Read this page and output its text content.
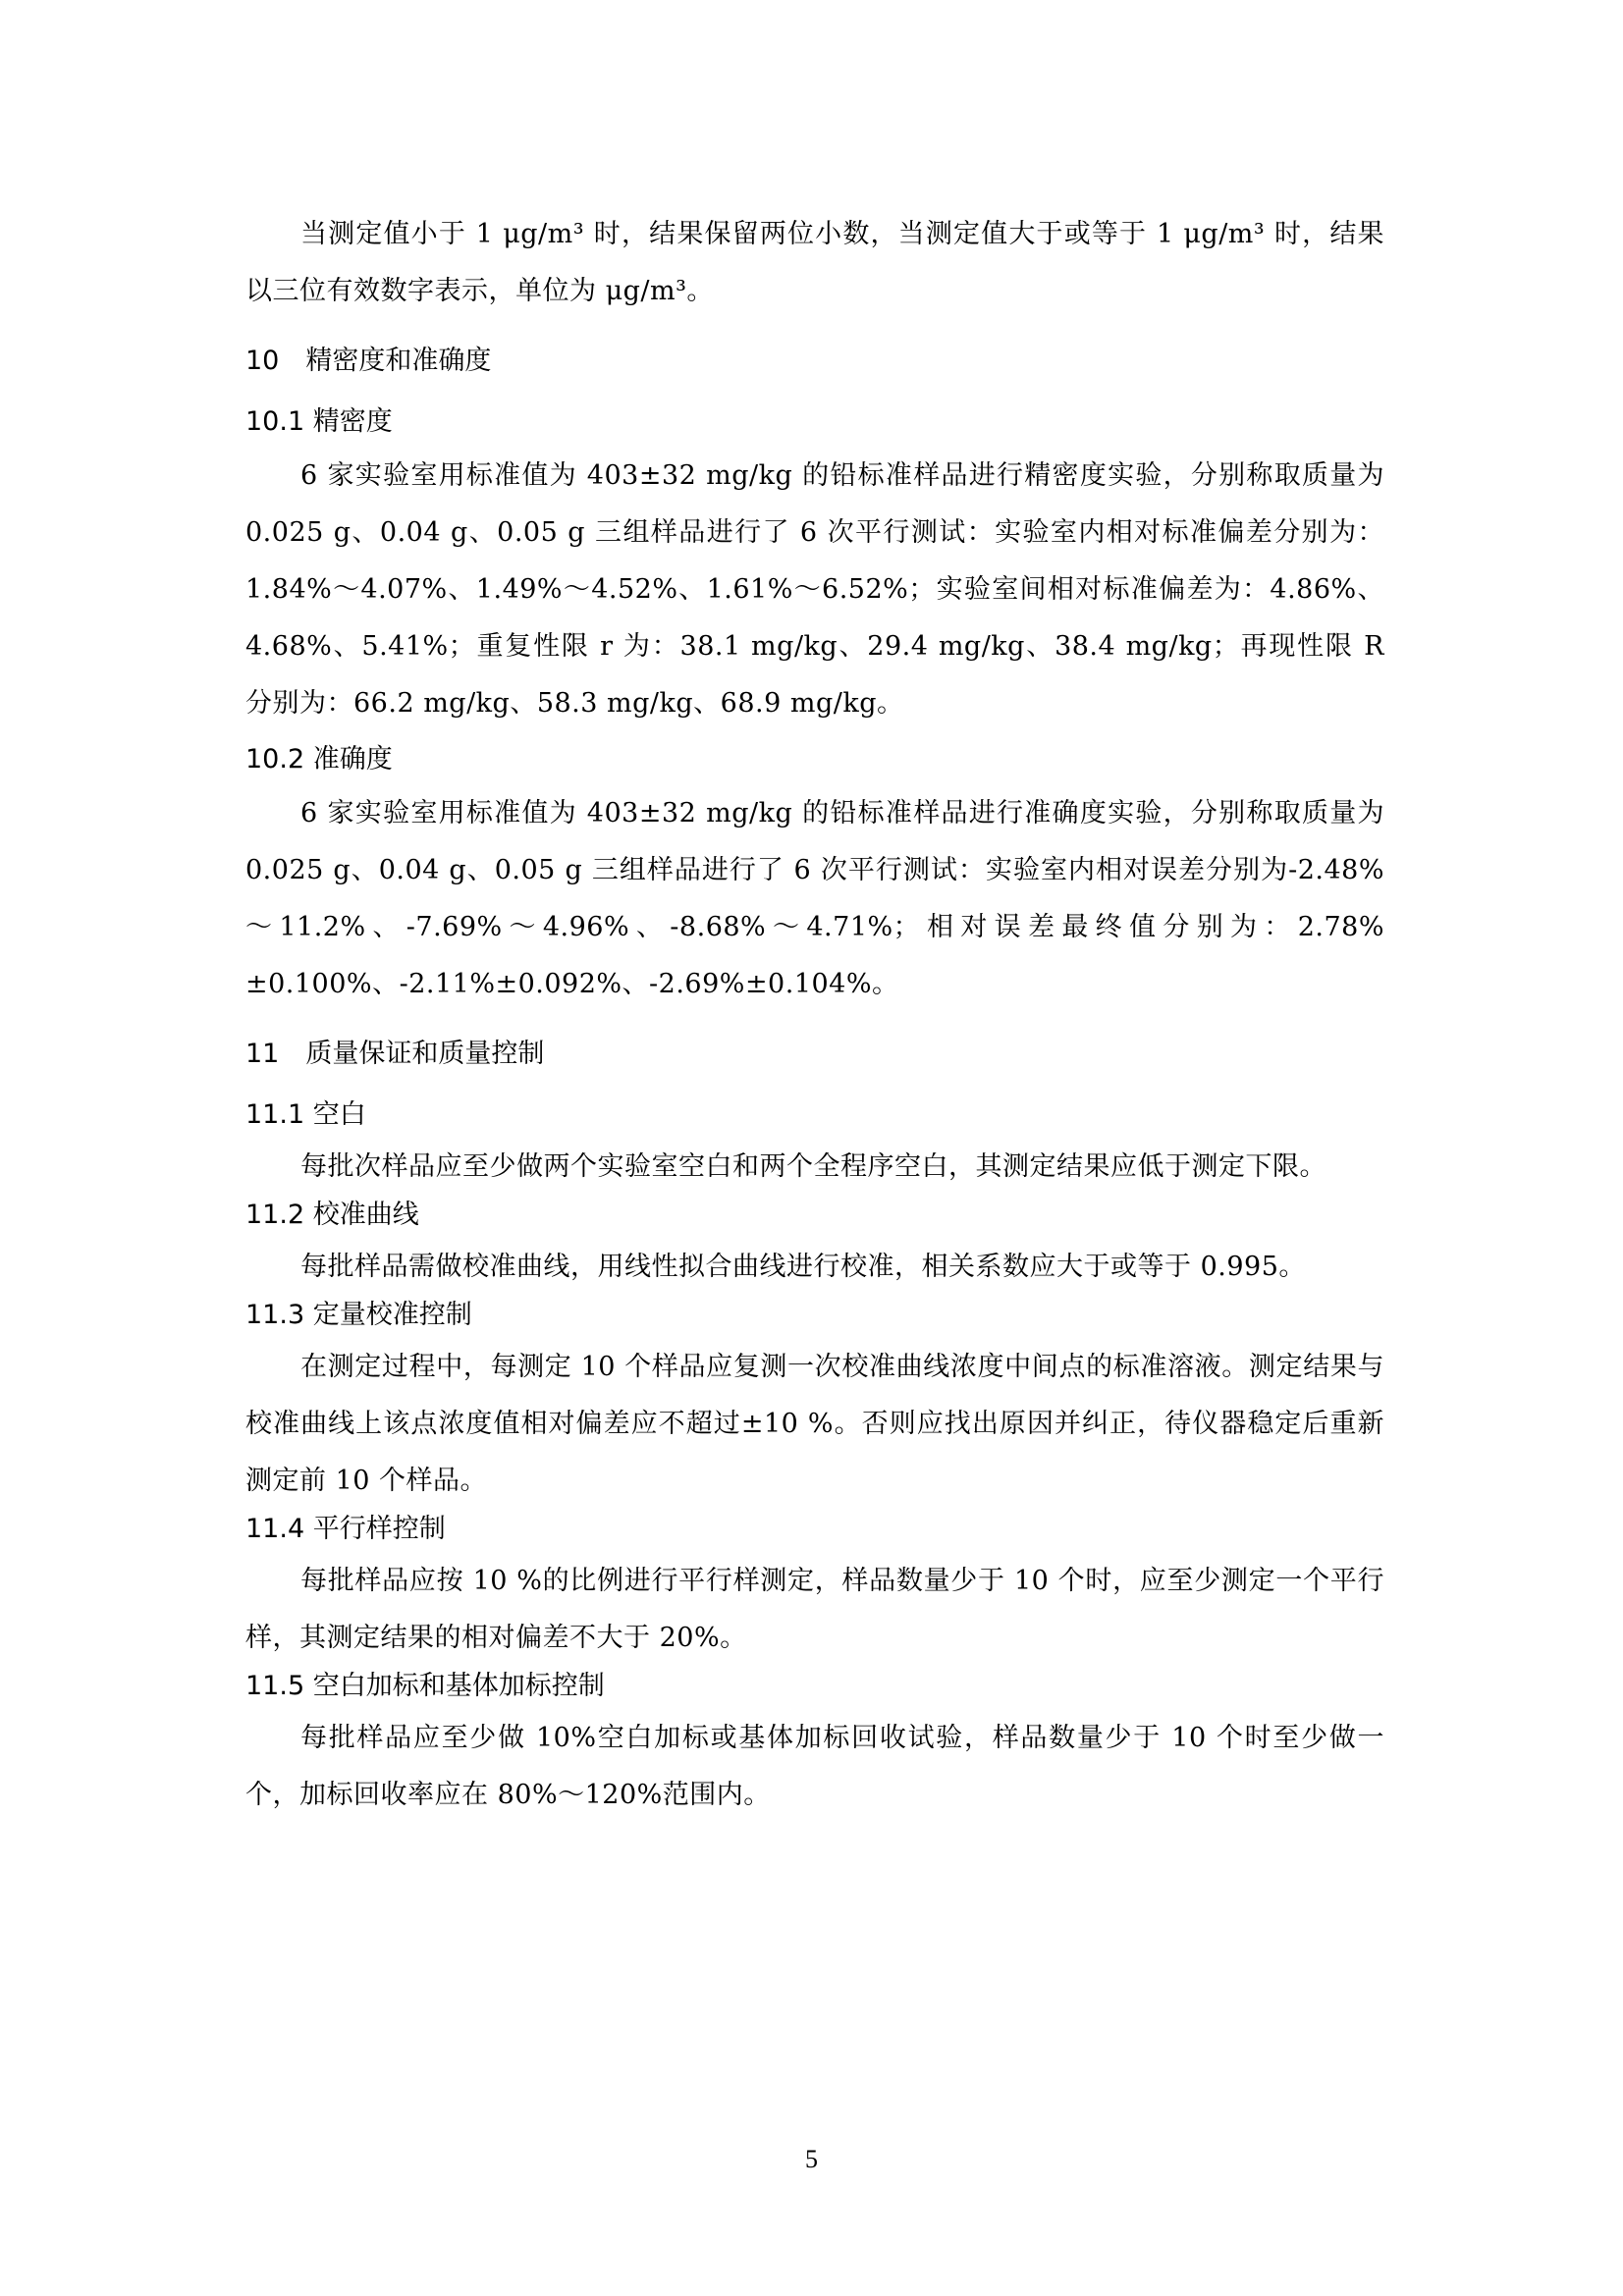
当测定值小于 1 μg/m³ 时，结果保留两位小数，当测定值大于或等于 1 μg/m³ 时，结果以三位有效数字表示，单位为 μg/m³。

10　精密度和准确度

10.1 精密度

6 家实验室用标准值为 403±32 mg/kg 的铅标准样品进行精密度实验，分别称取质量为 0.025 g、0.04 g、0.05 g 三组样品进行了 6 次平行测试：实验室内相对标准偏差分别为：1.84%～4.07%、1.49%～4.52%、1.61%～6.52%；实验室间相对标准偏差为：4.86%、4.68%、5.41%；重复性限 r 为：38.1 mg/kg、29.4 mg/kg、38.4 mg/kg；再现性限 R 分别为：66.2 mg/kg、58.3 mg/kg、68.9 mg/kg。

10.2 准确度

6 家实验室用标准值为 403±32 mg/kg 的铅标准样品进行准确度实验，分别称取质量为 0.025 g、0.04 g、0.05 g 三组样品进行了 6 次平行测试：实验室内相对误差分别为-2.48%～11.2%、-7.69%～4.96%、-8.68%～4.71%；相对误差最终值分别为：2.78%±0.100%、-2.11%±0.092%、-2.69%±0.104%。

11　质量保证和质量控制

11.1 空白

每批次样品应至少做两个实验室空白和两个全程序空白，其测定结果应低于测定下限。

11.2 校准曲线

每批样品需做校准曲线，用线性拟合曲线进行校准，相关系数应大于或等于 0.995。

11.3 定量校准控制

在测定过程中，每测定 10 个样品应复测一次校准曲线浓度中间点的标准溶液。测定结果与校准曲线上该点浓度值相对偏差应不超过±10 %。否则应找出原因并纠正，待仪器稳定后重新测定前 10 个样品。

11.4 平行样控制

每批样品应按 10 %的比例进行平行样测定，样品数量少于 10 个时，应至少测定一个平行样，其测定结果的相对偏差不大于 20%。

11.5 空白加标和基体加标控制

每批样品应至少做 10%空白加标或基体加标回收试验，样品数量少于 10 个时至少做一个，加标回收率应在 80%～120%范围内。

5
